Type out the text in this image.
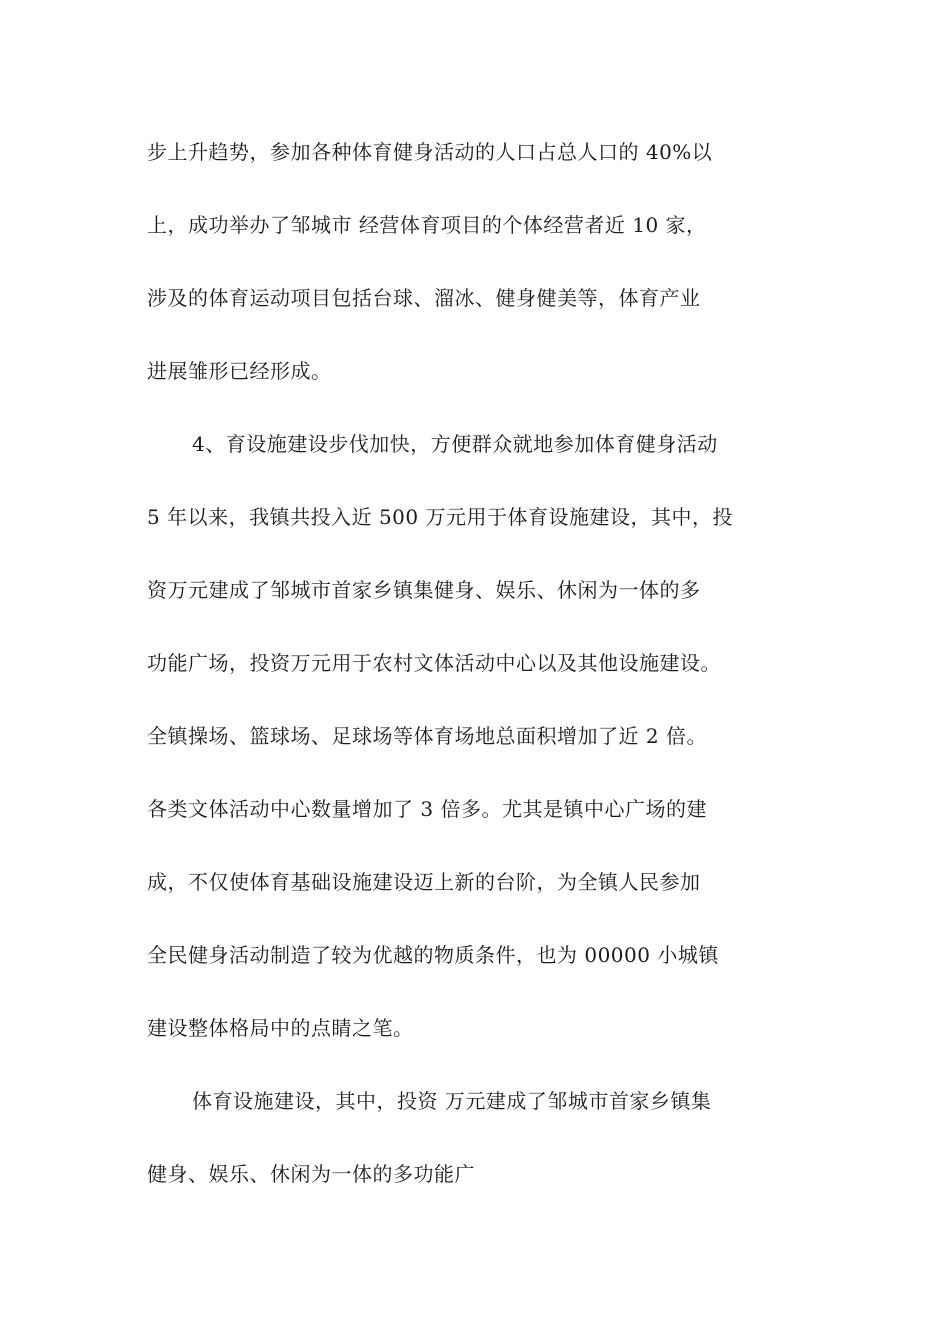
步上升趋势，参加各种体育健身活动的人口占总人口的 40%以
上，成功举办了邹城市 经营体育项目的个体经营者近 10 家，
涉及的体育运动项目包括台球、溜冰、健身健美等，体育产业
进展雏形已经形成。
4、育设施建设步伐加快，方便群众就地参加体育健身活动
5 年以来，我镇共投入近 500 万元用于体育设施建设，其中，投
资万元建成了邹城市首家乡镇集健身、娱乐、休闲为一体的多
功能广场，投资万元用于农村文体活动中心以及其他设施建设。
全镇操场、篮球场、足球场等体育场地总面积增加了近 2 倍。
各类文体活动中心数量增加了 3 倍多。尤其是镇中心广场的建
成，不仅使体育基础设施建设迈上新的台阶，为全镇人民参加
全民健身活动制造了较为优越的物质条件，也为 00000 小城镇
建设整体格局中的点睛之笔。
体育设施建设，其中，投资 万元建成了邹城市首家乡镇集
健身、娱乐、休闲为一体的多功能广
